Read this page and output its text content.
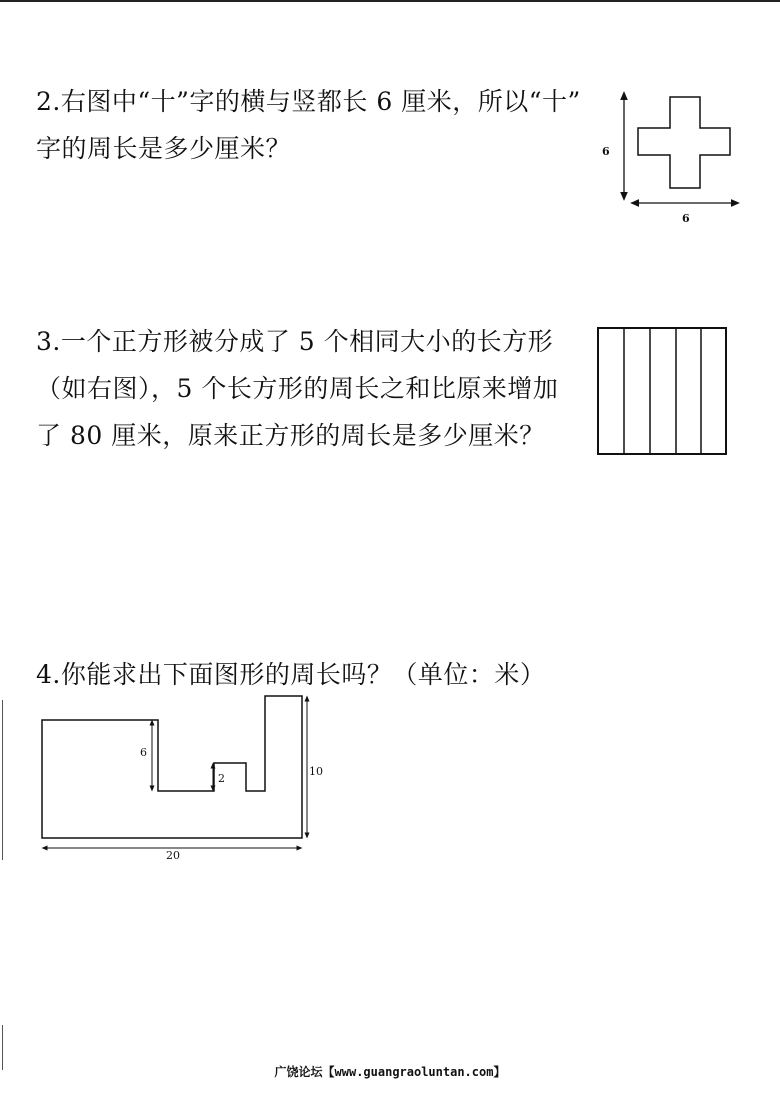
2.右图中“十”字的横与竖都长 6 厘米，所以“十”
字的周长是多少厘米？	6
6
3.一个正方形被分成了 5 个相同大小的长方形
（如右图），5 个长方形的周长之和比原来增加
了 80 厘米，原来正方形的周长是多少厘米？
4.你能求出下面图形的周长吗？（单位：米）
6
2
10
20
广饶论坛【www.guangraoluntan.com】
